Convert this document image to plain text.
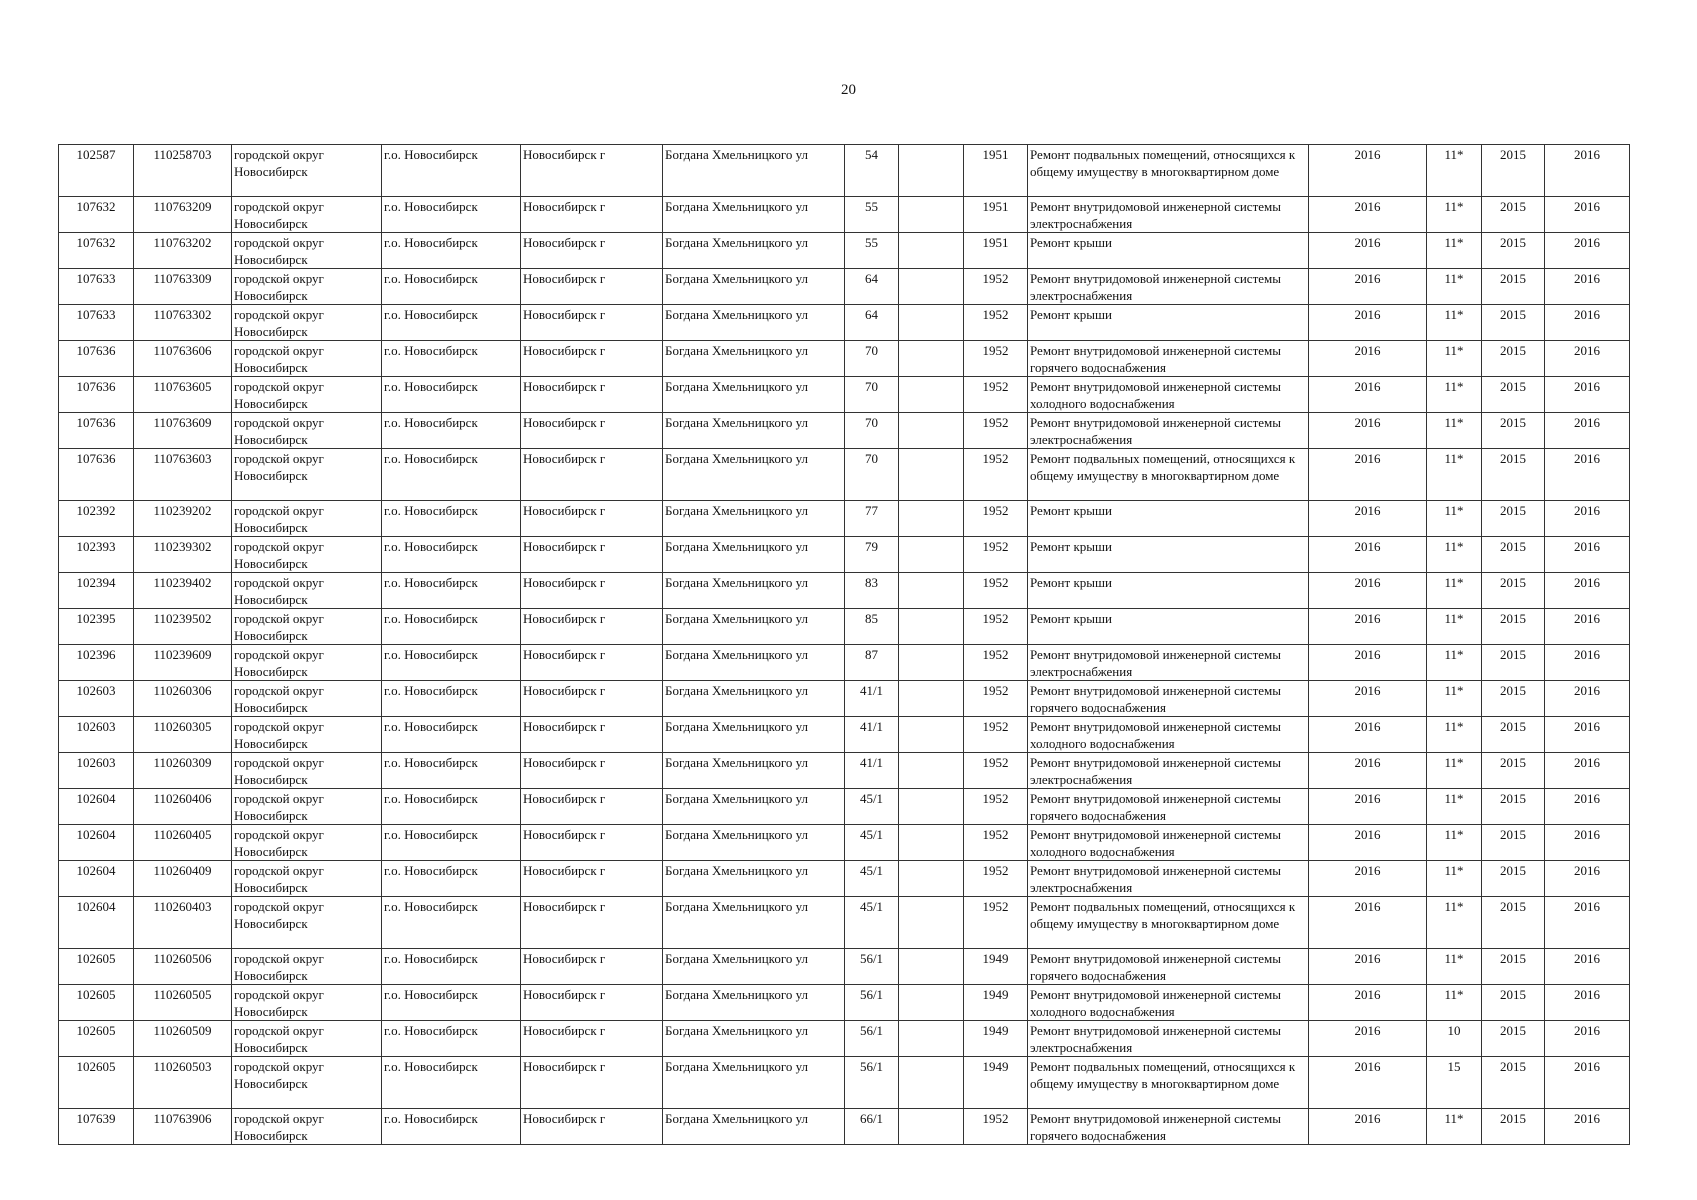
20
102587	110258703	городской округ Новосибирск	г.о. Новосибирск	Новосибирск г	Богдана Хмельницкого ул	54		1951	Ремонт подвальных помещений, относящихся к общему имуществу в многоквартирном доме	2016	11*	2015	2016
107632	110763209	городской округ Новосибирск	г.о. Новосибирск	Новосибирск г	Богдана Хмельницкого ул	55		1951	Ремонт внутридомовой инженерной системы электроснабжения	2016	11*	2015	2016
107632	110763202	городской округ Новосибирск	г.о. Новосибирск	Новосибирск г	Богдана Хмельницкого ул	55		1951	Ремонт крыши	2016	11*	2015	2016
107633	110763309	городской округ Новосибирск	г.о. Новосибирск	Новосибирск г	Богдана Хмельницкого ул	64		1952	Ремонт внутридомовой инженерной системы электроснабжения	2016	11*	2015	2016
107633	110763302	городской округ Новосибирск	г.о. Новосибирск	Новосибирск г	Богдана Хмельницкого ул	64		1952	Ремонт крыши	2016	11*	2015	2016
107636	110763606	городской округ Новосибирск	г.о. Новосибирск	Новосибирск г	Богдана Хмельницкого ул	70		1952	Ремонт внутридомовой инженерной системы горячего водоснабжения	2016	11*	2015	2016
107636	110763605	городской округ Новосибирск	г.о. Новосибирск	Новосибирск г	Богдана Хмельницкого ул	70		1952	Ремонт внутридомовой инженерной системы холодного водоснабжения	2016	11*	2015	2016
107636	110763609	городской округ Новосибирск	г.о. Новосибирск	Новосибирск г	Богдана Хмельницкого ул	70		1952	Ремонт внутридомовой инженерной системы электроснабжения	2016	11*	2015	2016
107636	110763603	городской округ Новосибирск	г.о. Новосибирск	Новосибирск г	Богдана Хмельницкого ул	70		1952	Ремонт подвальных помещений, относящихся к общему имуществу в многоквартирном доме	2016	11*	2015	2016
102392	110239202	городской округ Новосибирск	г.о. Новосибирск	Новосибирск г	Богдана Хмельницкого ул	77		1952	Ремонт крыши	2016	11*	2015	2016
102393	110239302	городской округ Новосибирск	г.о. Новосибирск	Новосибирск г	Богдана Хмельницкого ул	79		1952	Ремонт крыши	2016	11*	2015	2016
102394	110239402	городской округ Новосибирск	г.о. Новосибирск	Новосибирск г	Богдана Хмельницкого ул	83		1952	Ремонт крыши	2016	11*	2015	2016
102395	110239502	городской округ Новосибирск	г.о. Новосибирск	Новосибирск г	Богдана Хмельницкого ул	85		1952	Ремонт крыши	2016	11*	2015	2016
102396	110239609	городской округ Новосибирск	г.о. Новосибирск	Новосибирск г	Богдана Хмельницкого ул	87		1952	Ремонт внутридомовой инженерной системы электроснабжения	2016	11*	2015	2016
102603	110260306	городской округ Новосибирск	г.о. Новосибирск	Новосибирск г	Богдана Хмельницкого ул	41/1		1952	Ремонт внутридомовой инженерной системы горячего водоснабжения	2016	11*	2015	2016
102603	110260305	городской округ Новосибирск	г.о. Новосибирск	Новосибирск г	Богдана Хмельницкого ул	41/1		1952	Ремонт внутридомовой инженерной системы холодного водоснабжения	2016	11*	2015	2016
102603	110260309	городской округ Новосибирск	г.о. Новосибирск	Новосибирск г	Богдана Хмельницкого ул	41/1		1952	Ремонт внутридомовой инженерной системы электроснабжения	2016	11*	2015	2016
102604	110260406	городской округ Новосибирск	г.о. Новосибирск	Новосибирск г	Богдана Хмельницкого ул	45/1		1952	Ремонт внутридомовой инженерной системы горячего водоснабжения	2016	11*	2015	2016
102604	110260405	городской округ Новосибирск	г.о. Новосибирск	Новосибирск г	Богдана Хмельницкого ул	45/1		1952	Ремонт внутридомовой инженерной системы холодного водоснабжения	2016	11*	2015	2016
102604	110260409	городской округ Новосибирск	г.о. Новосибирск	Новосибирск г	Богдана Хмельницкого ул	45/1		1952	Ремонт внутридомовой инженерной системы электроснабжения	2016	11*	2015	2016
102604	110260403	городской округ Новосибирск	г.о. Новосибирск	Новосибирск г	Богдана Хмельницкого ул	45/1		1952	Ремонт подвальных помещений, относящихся к общему имуществу в многоквартирном доме	2016	11*	2015	2016
102605	110260506	городской округ Новосибирск	г.о. Новосибирск	Новосибирск г	Богдана Хмельницкого ул	56/1		1949	Ремонт внутридомовой инженерной системы горячего водоснабжения	2016	11*	2015	2016
102605	110260505	городской округ Новосибирск	г.о. Новосибирск	Новосибирск г	Богдана Хмельницкого ул	56/1		1949	Ремонт внутридомовой инженерной системы холодного водоснабжения	2016	11*	2015	2016
102605	110260509	городской округ Новосибирск	г.о. Новосибирск	Новосибирск г	Богдана Хмельницкого ул	56/1		1949	Ремонт внутридомовой инженерной системы электроснабжения	2016	10	2015	2016
102605	110260503	городской округ Новосибирск	г.о. Новосибирск	Новосибирск г	Богдана Хмельницкого ул	56/1		1949	Ремонт подвальных помещений, относящихся к общему имуществу в многоквартирном доме	2016	15	2015	2016
107639	110763906	городской округ Новосибирск	г.о. Новосибирск	Новосибирск г	Богдана Хмельницкого ул	66/1		1952	Ремонт внутридомовой инженерной системы горячего водоснабжения	2016	11*	2015	2016
